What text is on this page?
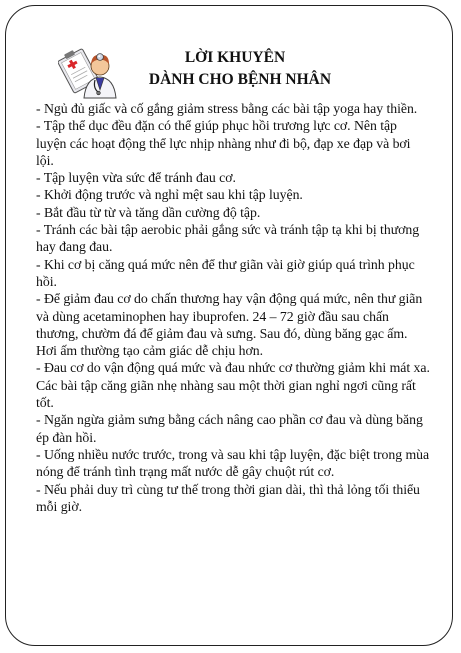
LỜI KHUYÊN
DÀNH CHO BỆNH NHÂN
- Ngủ đủ giấc và cố gắng giảm stress bằng các bài tập yoga hay thiền.
- Tập thể dục đều đặn có thể giúp phục hồi trương lực cơ. Nên tập luyện các hoạt động thể lực nhịp nhàng như đi bộ, đạp xe đạp và bơi lội.
- Tập luyện vừa sức để tránh đau cơ.
- Khởi động trước và nghỉ mệt sau khi tập luyện.
- Bắt đầu từ từ và tăng dần cường độ tập.
- Tránh các bài tập aerobic phải gắng sức và tránh tập tạ khi bị thương hay đang đau.
- Khi cơ bị căng quá mức nên để thư giãn vài giờ giúp quá trình phục hồi.
- Để giảm đau cơ do chấn thương hay vận động quá mức, nên thư giãn và dùng acetaminophen hay ibuprofen. 24 – 72 giờ đầu sau chấn thương, chườm đá để giảm đau và sưng. Sau đó, dùng băng gạc ấm. Hơi ấm thường tạo cảm giác dễ chịu hơn.
- Đau cơ do vận động quá mức và đau nhức cơ thường giảm khi mát xa. Các bài tập căng giãn nhẹ nhàng sau một thời gian nghỉ ngơi cũng rất tốt.
- Ngăn ngừa giảm sưng bằng cách nâng cao phần cơ đau và dùng băng ép đàn hồi.
- Uống nhiều nước trước, trong và sau khi tập luyện, đặc biệt trong mùa nóng để tránh tình trạng mất nước dễ gây chuột rút cơ.
- Nếu phải duy trì cùng tư thế trong thời gian dài, thì thả lỏng tối thiểu mỗi giờ.
